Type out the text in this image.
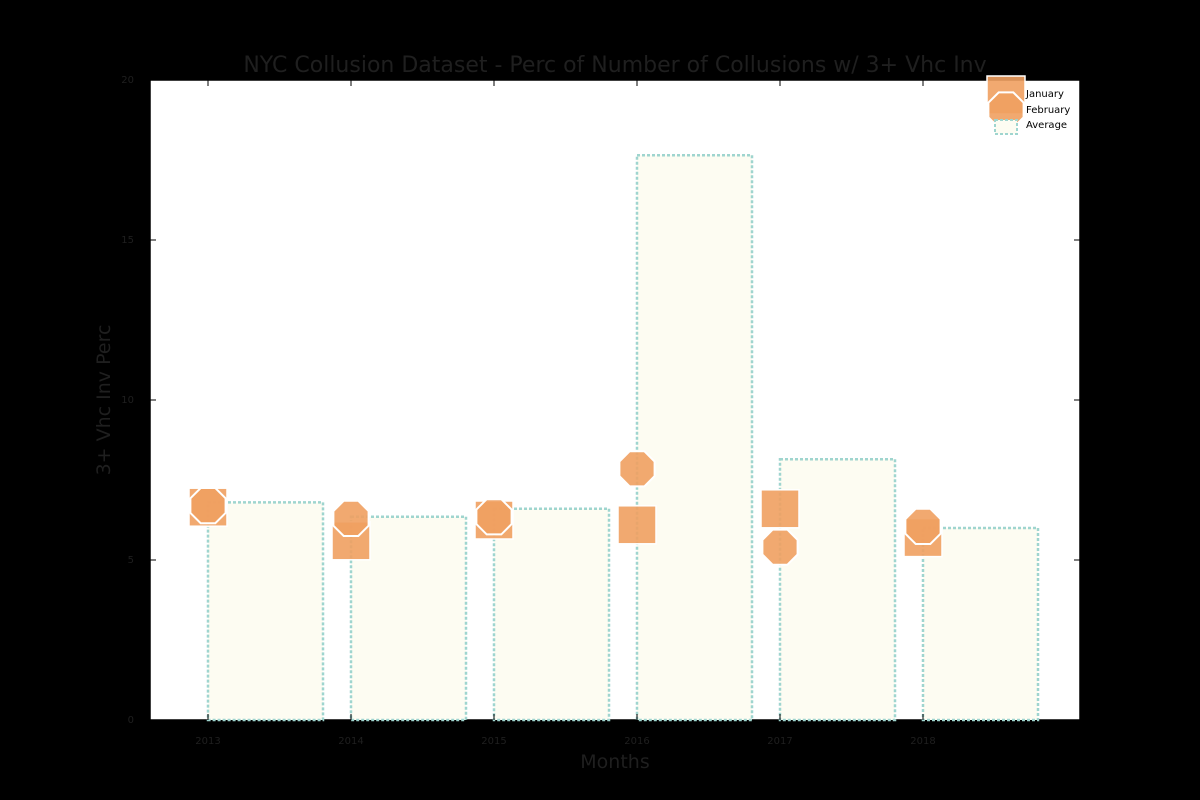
0
5
10
15
20
2013	2014	2015	2016	2017	2018
NYC Collusion Dataset - Perc of Number of Collusions w/ 3+ Vhc Inv
Months
3+ Vhc Inv Perc
January
February
Average
